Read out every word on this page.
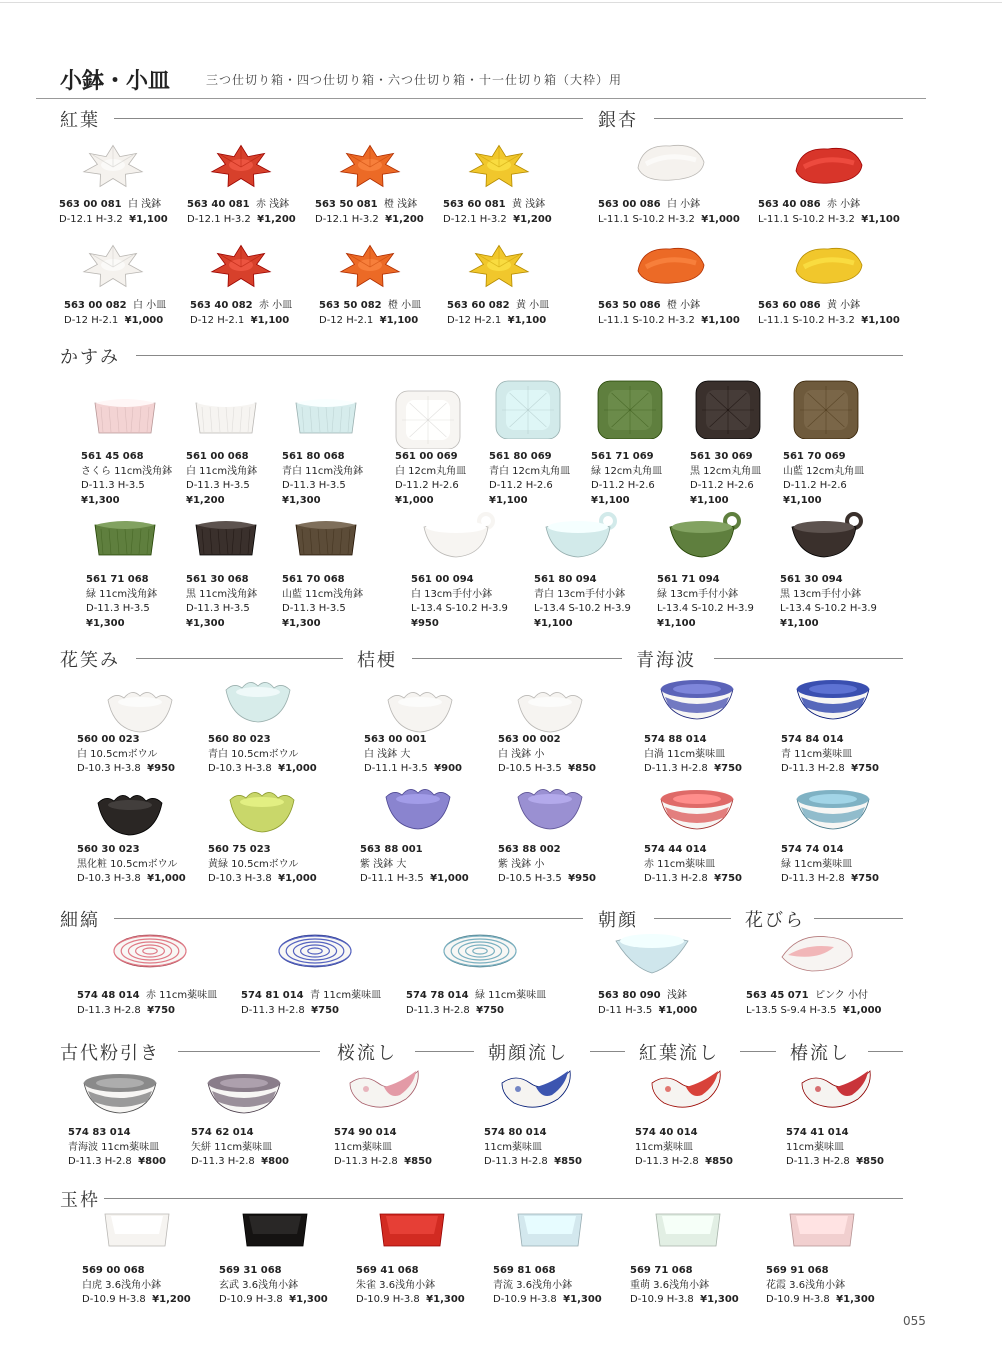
小鉢・小皿	三つ仕切り箱・四つ仕切り箱・六つ仕切り箱・十一仕切り箱（大枠）用
紅葉	銀杏
かすみ
花笑み	桔梗	青海波
細縞	朝顔	花びら
古代粉引き	桜流し	朝顔流し	紅葉流し	椿流し
玉枠
563 00 081 白 浅鉢
D-12.1 H-3.2 ¥1,100
563 40 081 赤 浅鉢
D-12.1 H-3.2 ¥1,200
563 50 081 橙 浅鉢
D-12.1 H-3.2 ¥1,200
563 60 081 黄 浅鉢
D-12.1 H-3.2 ¥1,200
563 00 082 白 小皿
D-12 H-2.1 ¥1,000
563 40 082 赤 小皿
D-12 H-2.1 ¥1,100
563 50 082 橙 小皿
D-12 H-2.1 ¥1,100
563 60 082 黄 小皿
D-12 H-2.1 ¥1,100
563 00 086 白 小鉢
L-11.1 S-10.2 H-3.2 ¥1,000
563 40 086 赤 小鉢
L-11.1 S-10.2 H-3.2 ¥1,100
563 50 086 橙 小鉢
L-11.1 S-10.2 H-3.2 ¥1,100
563 60 086 黄 小鉢
L-11.1 S-10.2 H-3.2 ¥1,100
561 45 068
さくら 11cm浅角鉢
D-11.3 H-3.5
¥1,300
561 00 068
白 11cm浅角鉢
D-11.3 H-3.5
¥1,200
561 80 068
青白 11cm浅角鉢
D-11.3 H-3.5
¥1,300
561 00 069
白 12cm丸角皿
D-11.2 H-2.6
¥1,000
561 80 069
青白 12cm丸角皿
D-11.2 H-2.6
¥1,100
561 71 069
緑 12cm丸角皿
D-11.2 H-2.6
¥1,100
561 30 069
黒 12cm丸角皿
D-11.2 H-2.6
¥1,100
561 70 069
山藍 12cm丸角皿
D-11.2 H-2.6
¥1,100
561 71 068
緑 11cm浅角鉢
D-11.3 H-3.5
¥1,300
561 30 068
黒 11cm浅角鉢
D-11.3 H-3.5
¥1,300
561 70 068
山藍 11cm浅角鉢
D-11.3 H-3.5
¥1,300
561 00 094
白 13cm手付小鉢
L-13.4 S-10.2 H-3.9
¥950
561 80 094
青白 13cm手付小鉢
L-13.4 S-10.2 H-3.9
¥1,100
561 71 094
緑 13cm手付小鉢
L-13.4 S-10.2 H-3.9
¥1,100
561 30 094
黒 13cm手付小鉢
L-13.4 S-10.2 H-3.9
¥1,100
560 00 023
白 10.5cmボウル
D-10.3 H-3.8 ¥950
560 80 023
青白 10.5cmボウル
D-10.3 H-3.8 ¥1,000
563 00 001
白 浅鉢 大
D-11.1 H-3.5 ¥900
563 00 002
白 浅鉢 小
D-10.5 H-3.5 ¥850
574 88 014
白渦 11cm薬味皿
D-11.3 H-2.8 ¥750
574 84 014
青 11cm薬味皿
D-11.3 H-2.8 ¥750
560 30 023
黒化粧 10.5cmボウル
D-10.3 H-3.8 ¥1,000
560 75 023
黄緑 10.5cmボウル
D-10.3 H-3.8 ¥1,000
563 88 001
紫 浅鉢 大
D-11.1 H-3.5 ¥1,000
563 88 002
紫 浅鉢 小
D-10.5 H-3.5 ¥950
574 44 014
赤 11cm薬味皿
D-11.3 H-2.8 ¥750
574 74 014
緑 11cm薬味皿
D-11.3 H-2.8 ¥750
574 48 014 赤 11cm薬味皿
D-11.3 H-2.8 ¥750
574 81 014 青 11cm薬味皿
D-11.3 H-2.8 ¥750
574 78 014 緑 11cm薬味皿
D-11.3 H-2.8 ¥750
563 80 090 浅鉢
D-11 H-3.5 ¥1,000
563 45 071 ピンク 小付
L-13.5 S-9.4 H-3.5 ¥1,000
574 83 014
青海波 11cm薬味皿
D-11.3 H-2.8 ¥800
574 62 014
矢絣 11cm薬味皿
D-11.3 H-2.8 ¥800
574 90 014
11cm薬味皿
D-11.3 H-2.8 ¥850
574 80 014
11cm薬味皿
D-11.3 H-2.8 ¥850
574 40 014
11cm薬味皿
D-11.3 H-2.8 ¥850
574 41 014
11cm薬味皿
D-11.3 H-2.8 ¥850
569 00 068
白虎 3.6浅角小鉢
D-10.9 H-3.8 ¥1,200
569 31 068
玄武 3.6浅角小鉢
D-10.9 H-3.8 ¥1,300
569 41 068
朱雀 3.6浅角小鉢
D-10.9 H-3.8 ¥1,300
569 81 068
青流 3.6浅角小鉢
D-10.9 H-3.8 ¥1,300
569 71 068
重萌 3.6浅角小鉢
D-10.9 H-3.8 ¥1,300
569 91 068
花霞 3.6浅角小鉢
D-10.9 H-3.8 ¥1,300
055
